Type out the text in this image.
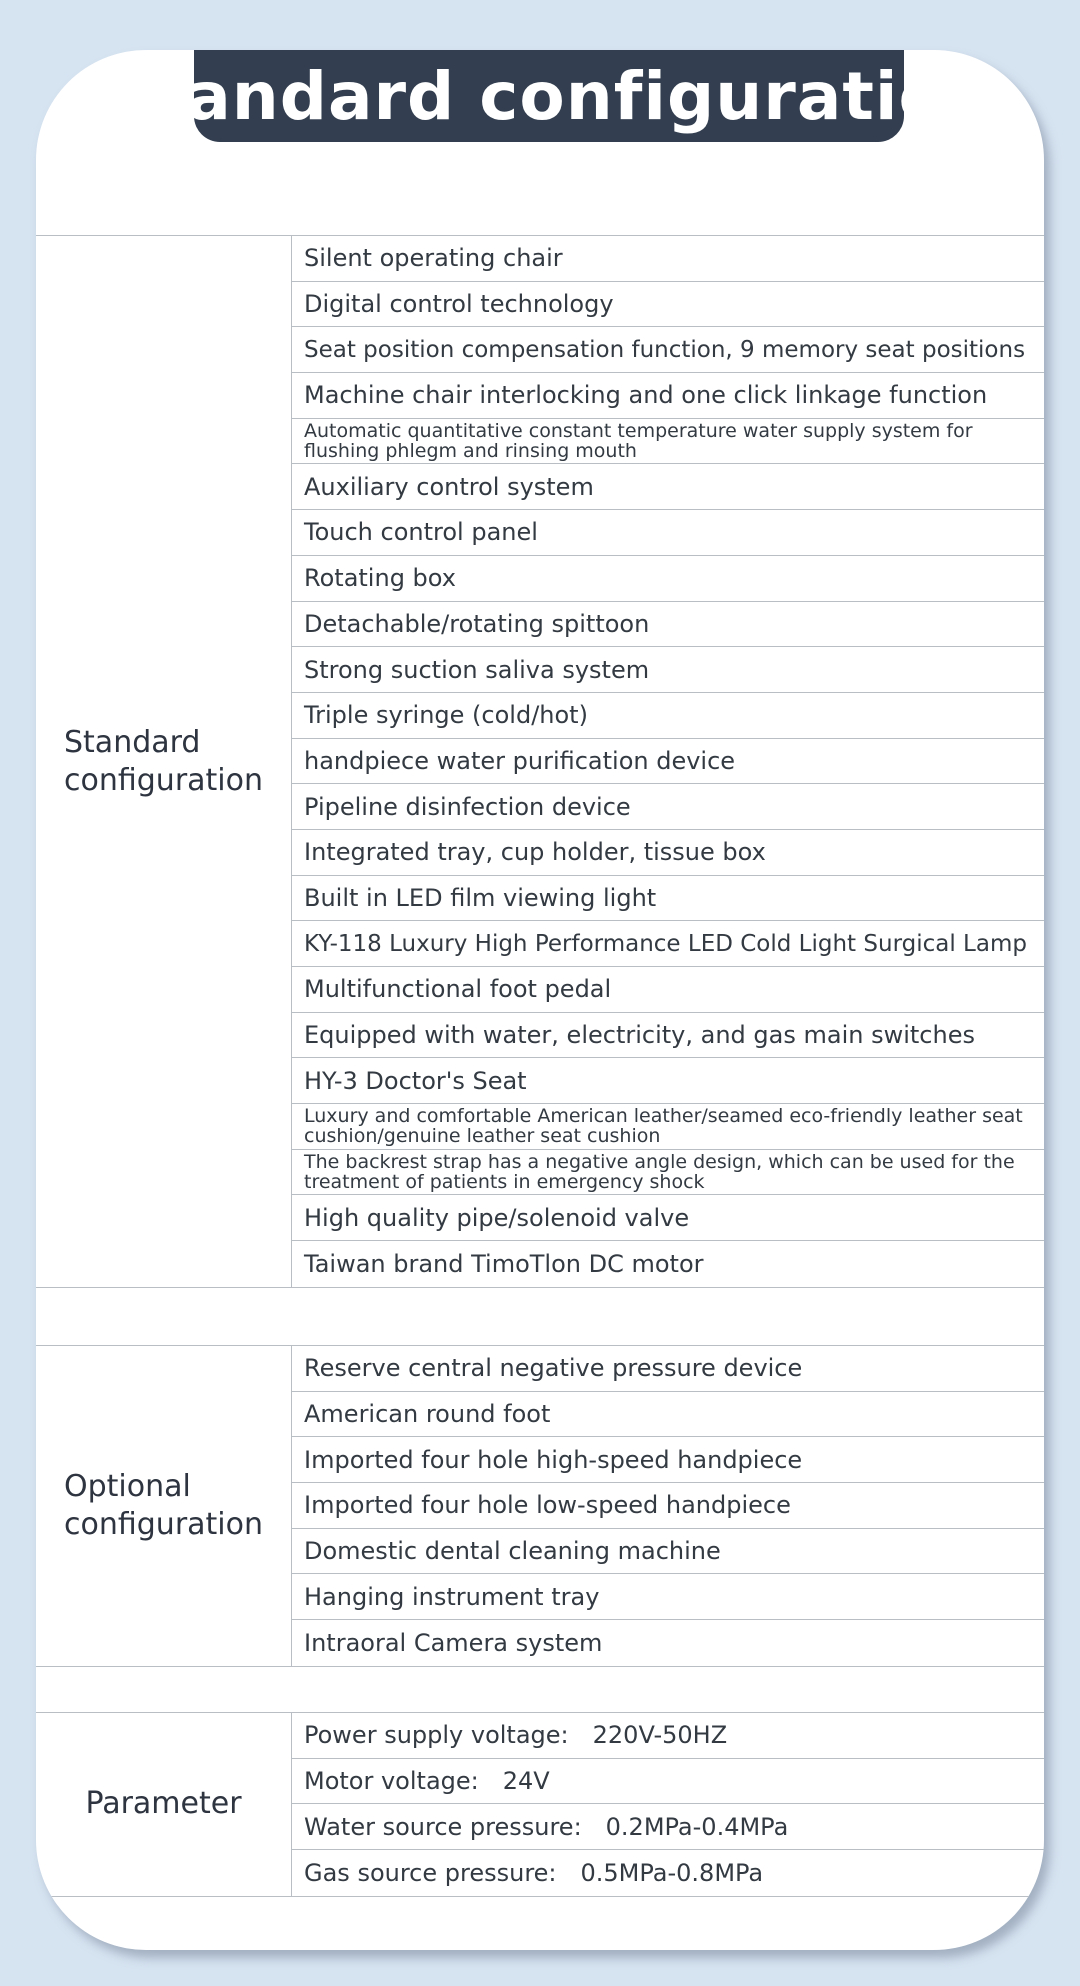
Standard configuration
Standard
configuration
Silent operating chair
Digital control technology
Seat position compensation function, 9 memory seat positions
Machine chair interlocking and one click linkage function
Automatic quantitative constant temperature water supply system for flushing phlegm and rinsing mouth
Auxiliary control system
Touch control panel
Rotating box
Detachable/rotating spittoon
Strong suction saliva system
Triple syringe (cold/hot)
handpiece water purification device
Pipeline disinfection device
Integrated tray, cup holder, tissue box
Built in LED film viewing light
KY-118 Luxury High Performance LED Cold Light Surgical Lamp
Multifunctional foot pedal
Equipped with water, electricity, and gas main switches
HY-3 Doctor's Seat
Luxury and comfortable American leather/seamed eco-friendly leather seat cushion/genuine leather seat cushion
The backrest strap has a negative angle design, which can be used for the treatment of patients in emergency shock
High quality pipe/solenoid valve
Taiwan brand TimoTlon DC motor
Optional
configuration
Reserve central negative pressure device
American round foot
Imported four hole high-speed handpiece
Imported four hole low-speed handpiece
Domestic dental cleaning machine
Hanging instrument tray
Intraoral Camera system
Parameter
Power supply voltage: 220V-50HZ
Motor voltage: 24V
Water source pressure: 0.2MPa-0.4MPa
Gas source pressure: 0.5MPa-0.8MPa
